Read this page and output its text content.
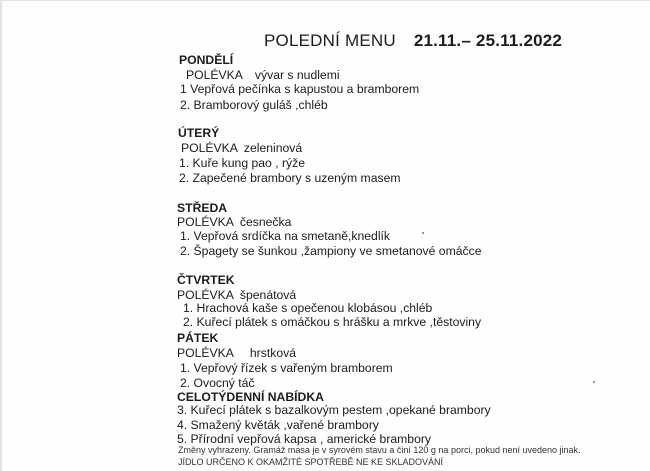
POLEDNÍ MENU 21.11.– 25.11.2022
PONDĚLÍ
POLÉVKA vývar s nudlemi
1 Vepřová pečínka s kapustou a bramborem
2. Bramborový guláš ,chléb
ÚTERÝ
POLÉVKA zeleninová
1. Kuře kung pao , rýže
2. Zapečené brambory s uzeným masem
STŘEDA
POLÉVKA česnečka
1. Vepřová srdíčka na smetaně,knedlík
2. Špagety se šunkou ,žampiony ve smetanové omáčce
ČTVRTEK
POLÉVKA špenátová
1. Hrachová kaše s opečenou klobásou ,chléb
2. Kuřecí plátek s omáčkou s hrášku a mrkve ,těstoviny
PÁTEK
POLÉVKA hrstková
1. Vepřový řízek s vařeným bramborem
2. Ovocný táč
CELOTÝDENNÍ NABÍDKA
3. Kuřecí plátek s bazalkovým pestem ,opekané brambory
4. Smažený květák ,vařené brambory
5. Přírodní vepřová kapsa , americké brambory
Změny vyhrazeny. Gramáž masa je v syrovém stavu a činí 120 g na porci, pokud není uvedeno jinak.
JÍDLO URČENO K OKAMŽITÉ SPOTŘEBĚ NE KE SKLADOVÁNÍ
